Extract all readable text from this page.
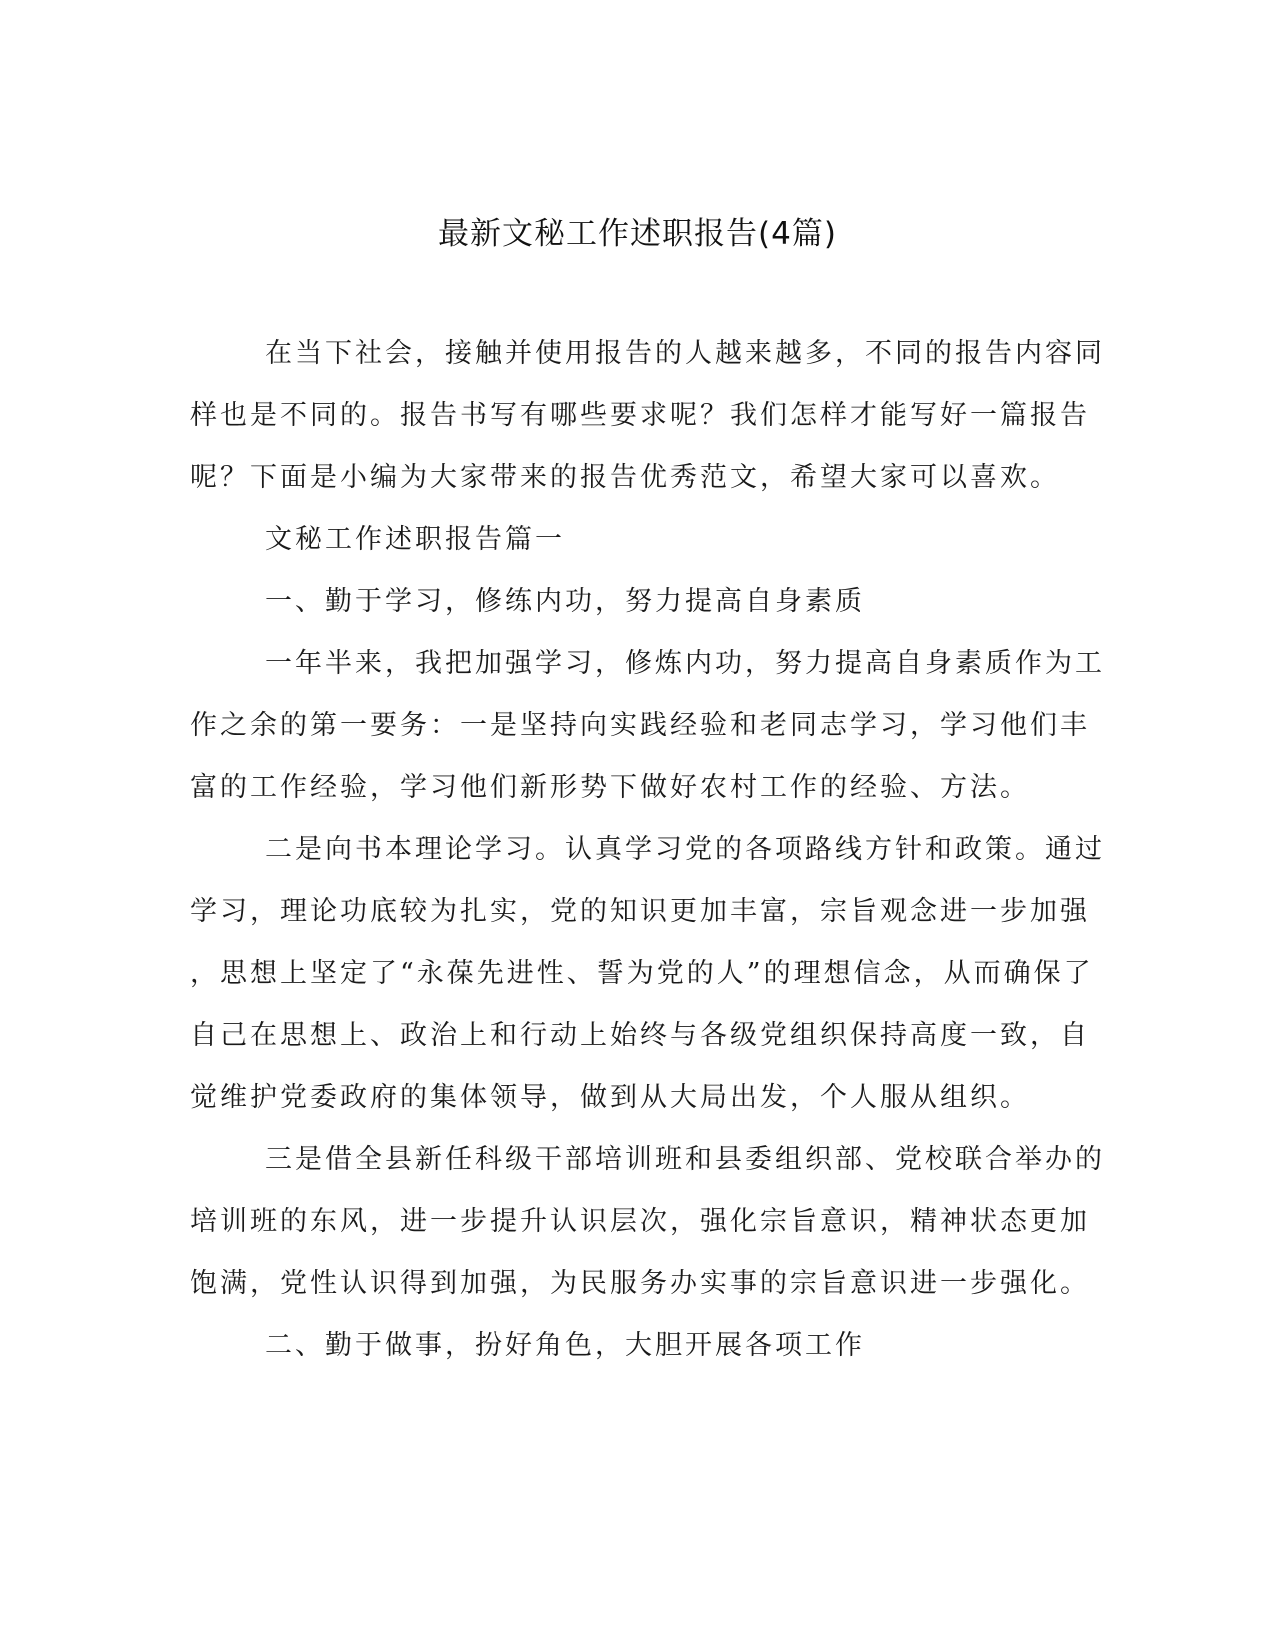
最新文秘工作述职报告(4篇)
在当下社会，接触并使用报告的人越来越多，不同的报告内容同
样也是不同的。报告书写有哪些要求呢？我们怎样才能写好一篇报告
呢？下面是小编为大家带来的报告优秀范文，希望大家可以喜欢。
文秘工作述职报告篇一
一、勤于学习，修练内功，努力提高自身素质
一年半来，我把加强学习，修炼内功，努力提高自身素质作为工
作之余的第一要务：一是坚持向实践经验和老同志学习，学习他们丰
富的工作经验，学习他们新形势下做好农村工作的经验、方法。
二是向书本理论学习。认真学习党的各项路线方针和政策。通过
学习，理论功底较为扎实，党的知识更加丰富，宗旨观念进一步加强
，思想上坚定了“永葆先进性、誓为党的人”的理想信念，从而确保了
自己在思想上、政治上和行动上始终与各级党组织保持高度一致，自
觉维护党委政府的集体领导，做到从大局出发，个人服从组织。
三是借全县新任科级干部培训班和县委组织部、党校联合举办的
培训班的东风，进一步提升认识层次，强化宗旨意识，精神状态更加
饱满，党性认识得到加强，为民服务办实事的宗旨意识进一步强化。
二、勤于做事，扮好角色，大胆开展各项工作
